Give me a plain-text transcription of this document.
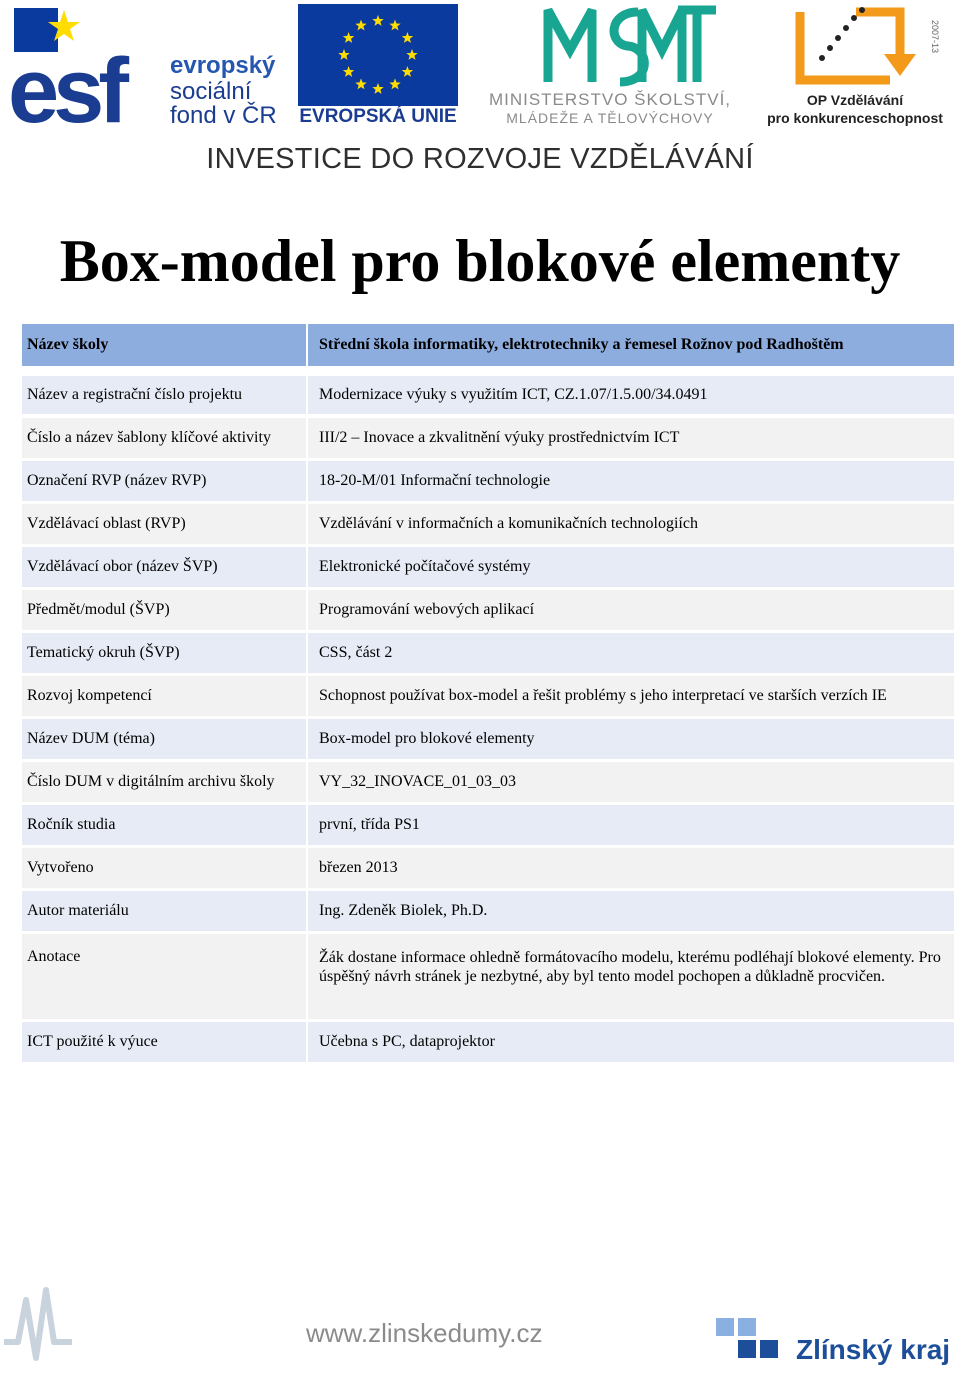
esf evropský
sociální
fond v ČR EVROPSKÁ UNIE
MINISTERSTVO ŠKOLSTVÍ,
MLÁDEŽE A TĚLOVÝCHOVY
2007-13
OP Vzdělávání
pro konkurenceschopnost
INVESTICE DO ROZVOJE VZDĚLÁVÁNÍ
Box-model pro blokové elementy
Název školy	Střední škola informatiky, elektrotechniky a řemesel Rožnov pod Radhoštěm
Název a registrační číslo projektu	Modernizace výuky s využitím ICT, CZ.1.07/1.5.00/34.0491
Číslo a název šablony klíčové aktivity	III/2 – Inovace a zkvalitnění výuky prostřednictvím ICT
Označení RVP (název RVP)	18-20-M/01 Informační technologie
Vzdělávací oblast (RVP)	Vzdělávání v informačních a komunikačních technologiích
Vzdělávací obor (název ŠVP)	Elektronické počítačové systémy
Předmět/modul (ŠVP)	Programování webových aplikací
Tematický okruh (ŠVP)	CSS, část 2
Rozvoj kompetencí	Schopnost používat box-model a řešit problémy s jeho interpretací ve starších verzích IE
Název DUM (téma)	Box-model pro blokové elementy
Číslo DUM v digitálním archivu školy	VY_32_INOVACE_01_03_03
Ročník studia	první, třída PS1
Vytvořeno	březen 2013
Autor materiálu	Ing. Zdeněk Biolek, Ph.D.
Anotace	Žák dostane informace ohledně formátovacího modelu, kterému podléhají blokové elementy. Pro úspěšný návrh stránek je nezbytné, aby byl tento model pochopen a důkladně procvičen.
ICT použité k výuce	Učebna s PC, dataprojektor
www.zlinskedumy.cz
Zlínský kraj
